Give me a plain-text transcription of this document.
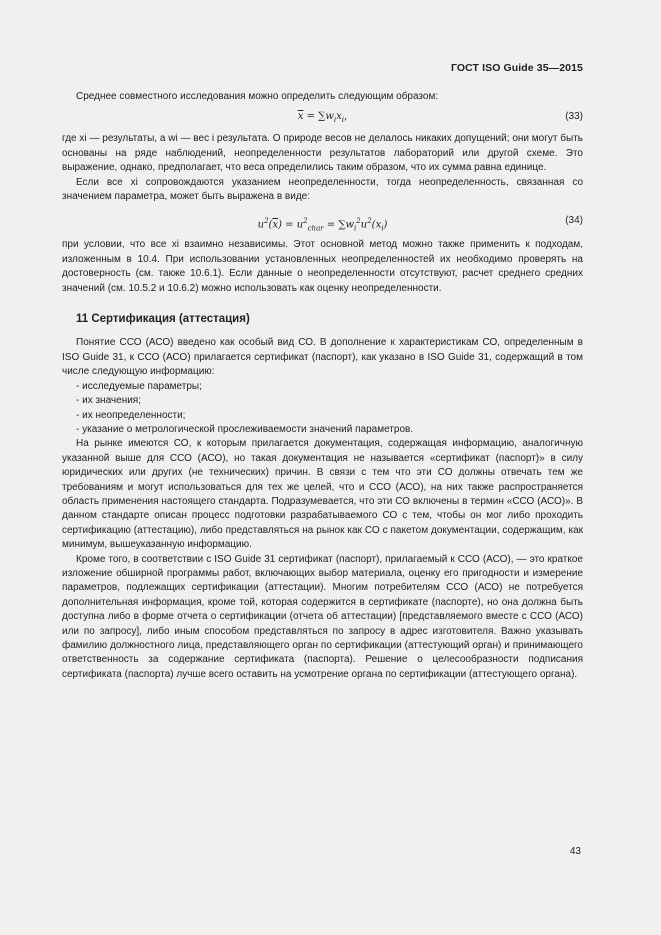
ГОСТ ISO Guide 35—2015

Среднее совместного исследования можно определить следующим образом:

$\overline{x} = \sum w_ix_i$,	(33)

где xi — результаты, а wi — вес i результата. О природе весов не делалось никаких допущений; они могут быть основаны на ряде наблюдений, неопределенности результатов лабораторий или другой схеме. Это выражение, однако, предполагает, что веса определились таким образом, что их сумма равна единице.

Если все xi сопровождаются указанием неопределенности, тогда неопределенность, связанная со значением параметра, может быть выражена в виде:

$u^2(\overline{x}) = u^2_{char} = \sum w_i^2u^2(x_i)$	(34)

при условии, что все xi взаимно независимы. Этот основной метод можно также применить к подходам, изложенным в 10.4. При использовании установленных неопределенностей их необходимо проверять на достоверность (см. также 10.6.1). Если данные о неопределенности отсутствуют, расчет среднего средних значений (см. 10.5.2 и 10.6.2) можно использовать как оценку неопределенности.

11 Сертификация (аттестация)

Понятие ССО (АСО) введено как особый вид СО. В дополнение к характеристикам СО, определенным в ISO Guide 31, к ССО (АСО) прилагается сертификат (паспорт), как указано в ISO Guide 31, содержащий в том числе следующую информацию:

- исследуемые параметры;

- их значения;

- их неопределенности;

- указание о метрологической прослеживаемости значений параметров.

На рынке имеются СО, к которым прилагается документация, содержащая информацию, аналогичную указанной выше для ССО (АСО), но такая документация не называется «сертификат (паспорт)» в силу юридических или других (не технических) причин. В связи с тем что эти СО должны отвечать тем же требованиям и могут использоваться для тех же целей, что и ССО (АСО), на них также распространяется область применения настоящего стандарта. Подразумевается, что эти СО включены в термин «ССО (АСО)». В данном стандарте описан процесс подготовки разрабатываемого СО с тем, чтобы он мог либо проходить сертификацию (аттестацию), либо представляться на рынок как СО с пакетом документации, содержащим, как минимум, вышеуказанную информацию.

Кроме того, в соответствии с ISO Guide 31 сертификат (паспорт), прилагаемый к ССО (АСО), — это краткое изложение обширной программы работ, включающих выбор материала, оценку его пригодности и измерение параметров, подлежащих сертификации (аттестации). Многим потребителям ССО (АСО) не потребуется дополнительная информация, кроме той, которая содержится в сертификате (паспорте), но она должна быть доступна либо в форме отчета о сертификации (отчета об аттестации) [представляемого вместе с ССО (АСО) или по запросу], либо иным способом представляться по запросу в адрес изготовителя. Важно указывать фамилию должностного лица, представляющего орган по сертификации (аттестующий орган) и принимающего ответственность за содержание сертификата (паспорта). Решение о целесообразности подписания сертификата (паспорта) лучше всего оставить на усмотрение органа по сертификации (аттестующего органа).

43
